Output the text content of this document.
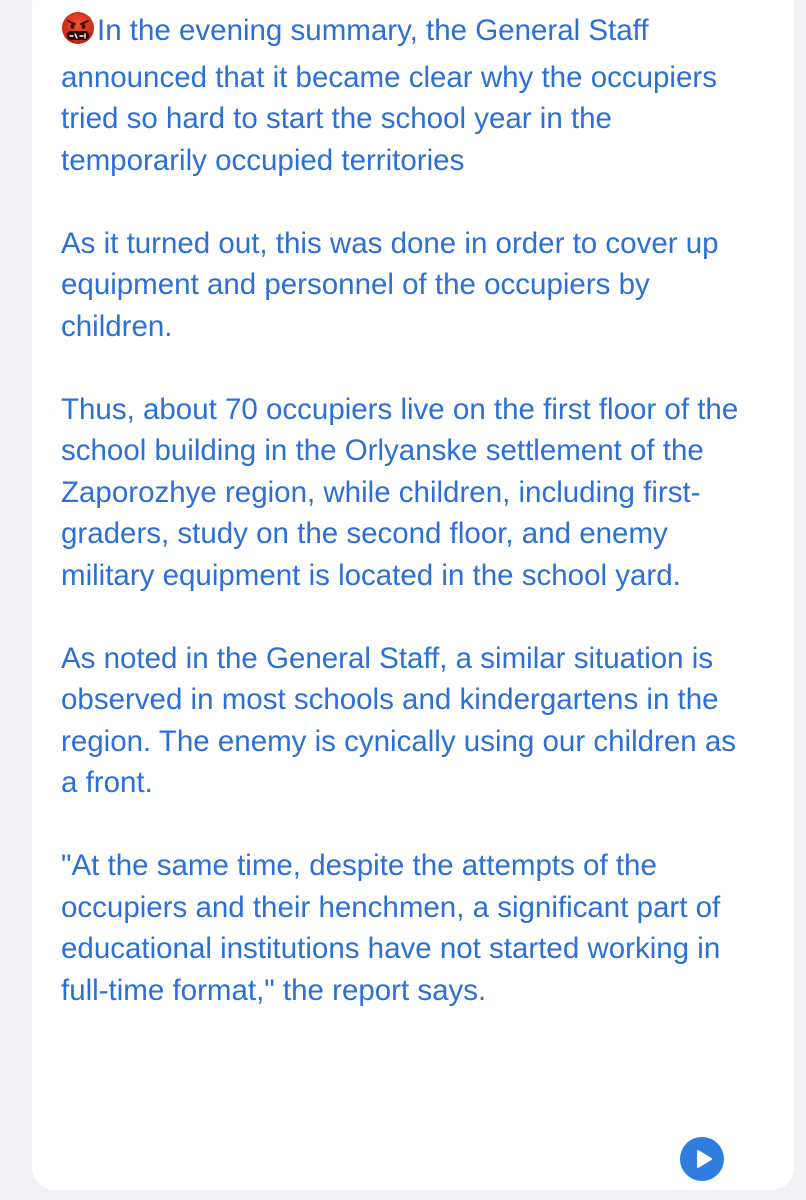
In the evening summary, the General Staff announced that it became clear why the occupiers tried so hard to start the school year in the temporarily occupied territories

As it turned out, this was done in order to cover up equipment and personnel of the occupiers by children.

Thus, about 70 occupiers live on the first floor of the school building in the Orlyanske settlement of the Zaporozhye region, while children, including first-graders, study on the second floor, and enemy military equipment is located in the school yard.

As noted in the General Staff, a similar situation is observed in most schools and kindergartens in the region. The enemy is cynically using our children as a front.

"At the same time, despite the attempts of the occupiers and their henchmen, a significant part of educational institutions have not started working in full-time format," the report says.
